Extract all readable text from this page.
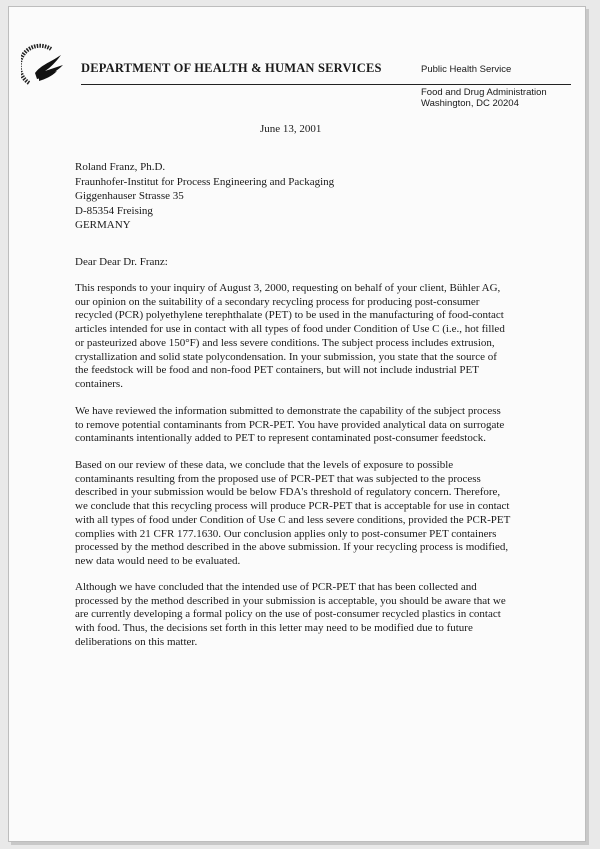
DEPARTMENT OF HEALTH & HUMAN SERVICES	Public Health Service
Food and Drug Administration
Washington, DC 20204
June 13, 2001
Roland Franz, Ph.D.
Fraunhofer-Institut for Process Engineering and Packaging
Giggenhauser Strasse 35
D-85354 Freising
GERMANY
Dear Dear Dr. Franz:
This responds to your inquiry of August 3, 2000, requesting on behalf of your client, Bühler AG,
our opinion on the suitability of a secondary recycling process for producing post-consumer
recycled (PCR) polyethylene terephthalate (PET) to be used in the manufacturing of food-contact
articles intended for use in contact with all types of food under Condition of Use C (i.e., hot filled
or pasteurized above 150°F) and less severe conditions. The subject process includes extrusion,
crystallization and solid state polycondensation. In your submission, you state that the source of
the feedstock will be food and non-food PET containers, but will not include industrial PET
containers.
We have reviewed the information submitted to demonstrate the capability of the subject process
to remove potential contaminants from PCR-PET. You have provided analytical data on surrogate
contaminants intentionally added to PET to represent contaminated post-consumer feedstock.
Based on our review of these data, we conclude that the levels of exposure to possible
contaminants resulting from the proposed use of PCR-PET that was subjected to the process
described in your submission would be below FDA's threshold of regulatory concern. Therefore,
we conclude that this recycling process will produce PCR-PET that is acceptable for use in contact
with all types of food under Condition of Use C and less severe conditions, provided the PCR-PET
complies with 21 CFR 177.1630. Our conclusion applies only to post-consumer PET containers
processed by the method described in the above submission. If your recycling process is modified,
new data would need to be evaluated.
Although we have concluded that the intended use of PCR-PET that has been collected and
processed by the method described in your submission is acceptable, you should be aware that we
are currently developing a formal policy on the use of post-consumer recycled plastics in contact
with food. Thus, the decisions set forth in this letter may need to be modified due to future
deliberations on this matter.
